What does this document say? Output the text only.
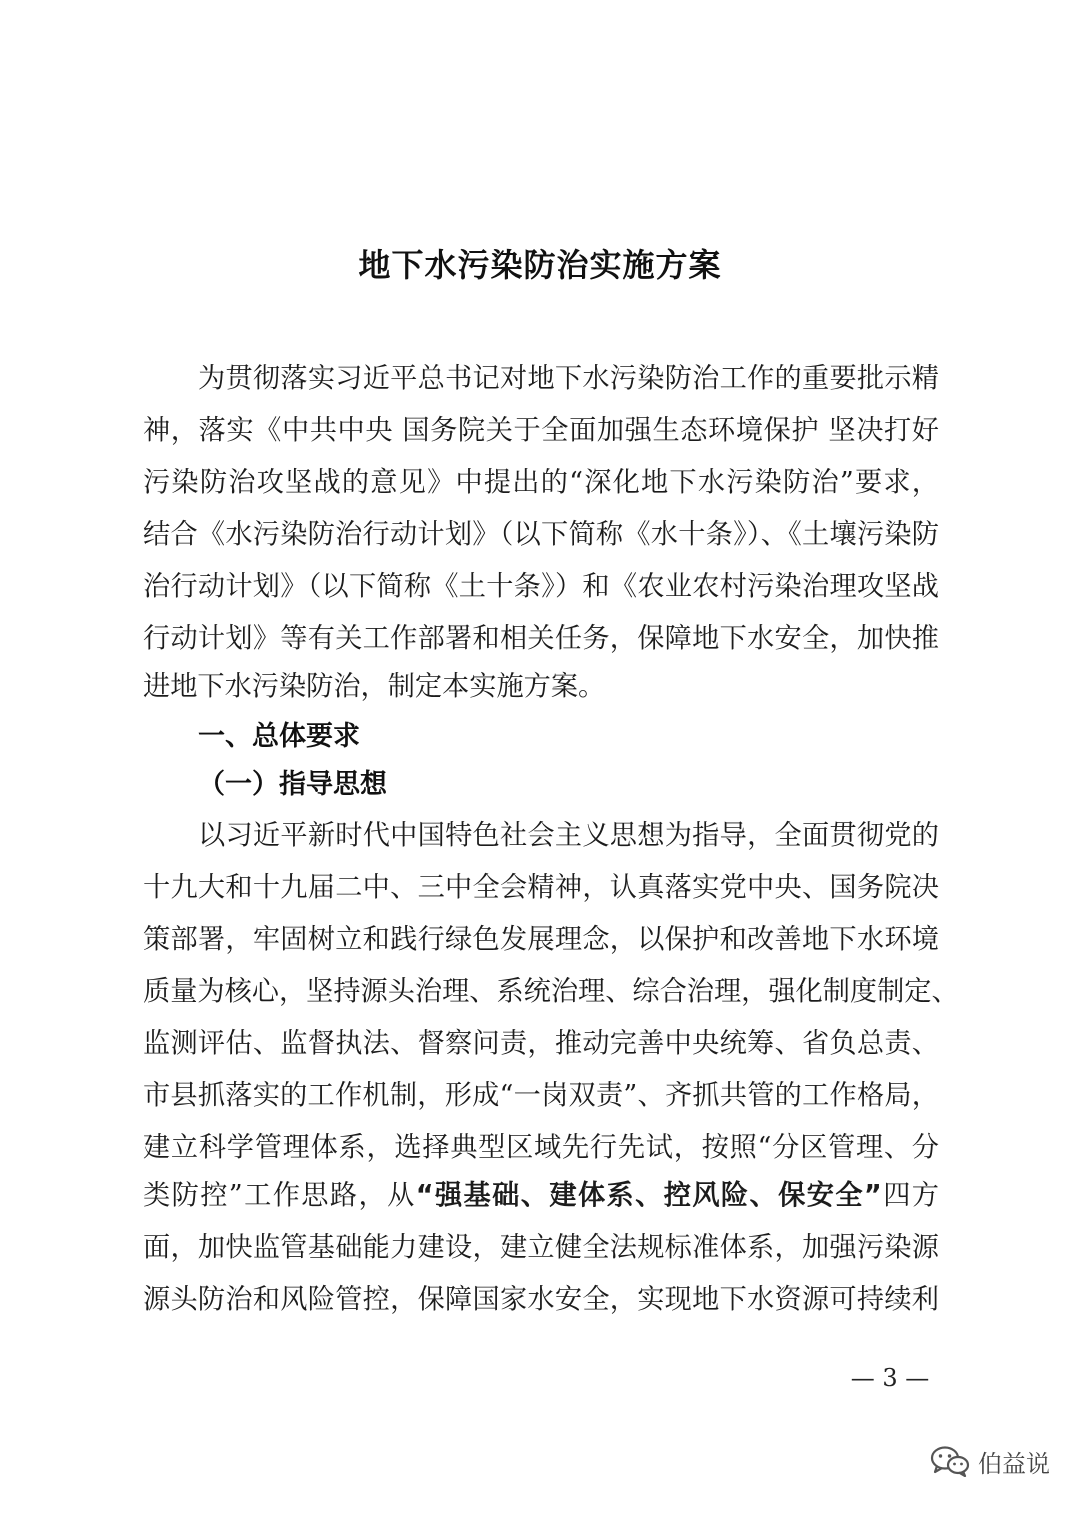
地下水污染防治实施方案
为贯彻落实习近平总书记对地下水污染防治工作的重要批示精
神，落实《中共中央 国务院关于全面加强生态环境保护 坚决打好
污染防治攻坚战的意见》中提出的“深化地下水污染防治”要求，
结合《水污染防治行动计划》（以下简称《水十条》）、《土壤污染防
治行动计划》（以下简称《土十条》）和《农业农村污染治理攻坚战
行动计划》等有关工作部署和相关任务，保障地下水安全，加快推
进地下水污染防治，制定本实施方案。
一、总体要求
（一）指导思想
以习近平新时代中国特色社会主义思想为指导，全面贯彻党的
十九大和十九届二中、三中全会精神，认真落实党中央、国务院决
策部署，牢固树立和践行绿色发展理念，以保护和改善地下水环境
质量为核心，坚持源头治理、系统治理、综合治理，强化制度制定、
监测评估、监督执法、督察问责，推动完善中央统筹、省负总责、
市县抓落实的工作机制，形成“一岗双责”、齐抓共管的工作格局，
建立科学管理体系，选择典型区域先行先试，按照“分区管理、分
类防控”工作思路，从“强基础、建体系、控风险、保安全”四方
面，加快监管基础能力建设，建立健全法规标准体系，加强污染源
源头防治和风险管控，保障国家水安全，实现地下水资源可持续利
— 3 —
伯益说
